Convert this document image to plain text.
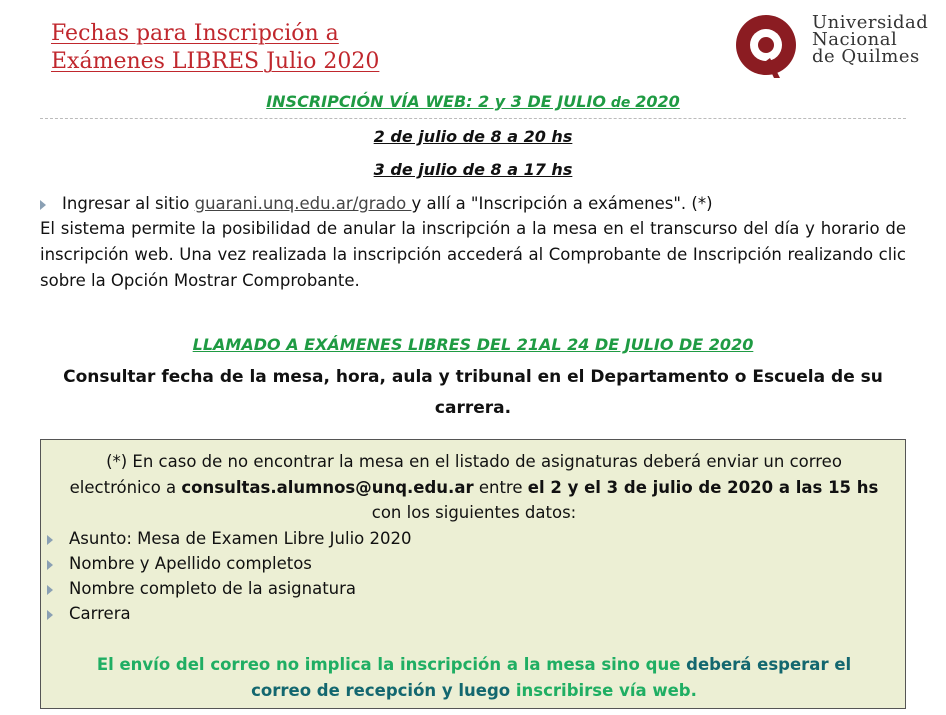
Fechas para Inscripción a
Exámenes LIBRES Julio 2020
Universidad
Nacional
de Quilmes
INSCRIPCIÓN VÍA WEB: 2 y 3 DE JULIO de 2020
2 de julio de 8 a 20 hs
3 de julio de 8 a 17 hs
Ingresar al sitio guarani.unq.edu.ar/grado y allí a "Inscripción a exámenes". (*)
El sistema permite la posibilidad de anular la inscripción a la mesa en el transcurso del día y horario de inscripción web. Una vez realizada la inscripción accederá al Comprobante de Inscripción realizando clic sobre la Opción Mostrar Comprobante.
LLAMADO A EXÁMENES LIBRES DEL 21AL 24 DE JULIO DE 2020
Consultar fecha de la mesa, hora, aula y tribunal en el Departamento o Escuela de su carrera.
(*) En caso de no encontrar la mesa en el listado de asignaturas deberá enviar un correo
electrónico a consultas.alumnos@unq.edu.ar entre el 2 y el 3 de julio de 2020 a las 15 hs
con los siguientes datos:
Asunto: Mesa de Examen Libre Julio 2020
Nombre y Apellido completos
Nombre completo de la asignatura
Carrera
El envío del correo no implica la inscripción a la mesa sino que deberá esperar el
correo de recepción y luego inscribirse vía web.
